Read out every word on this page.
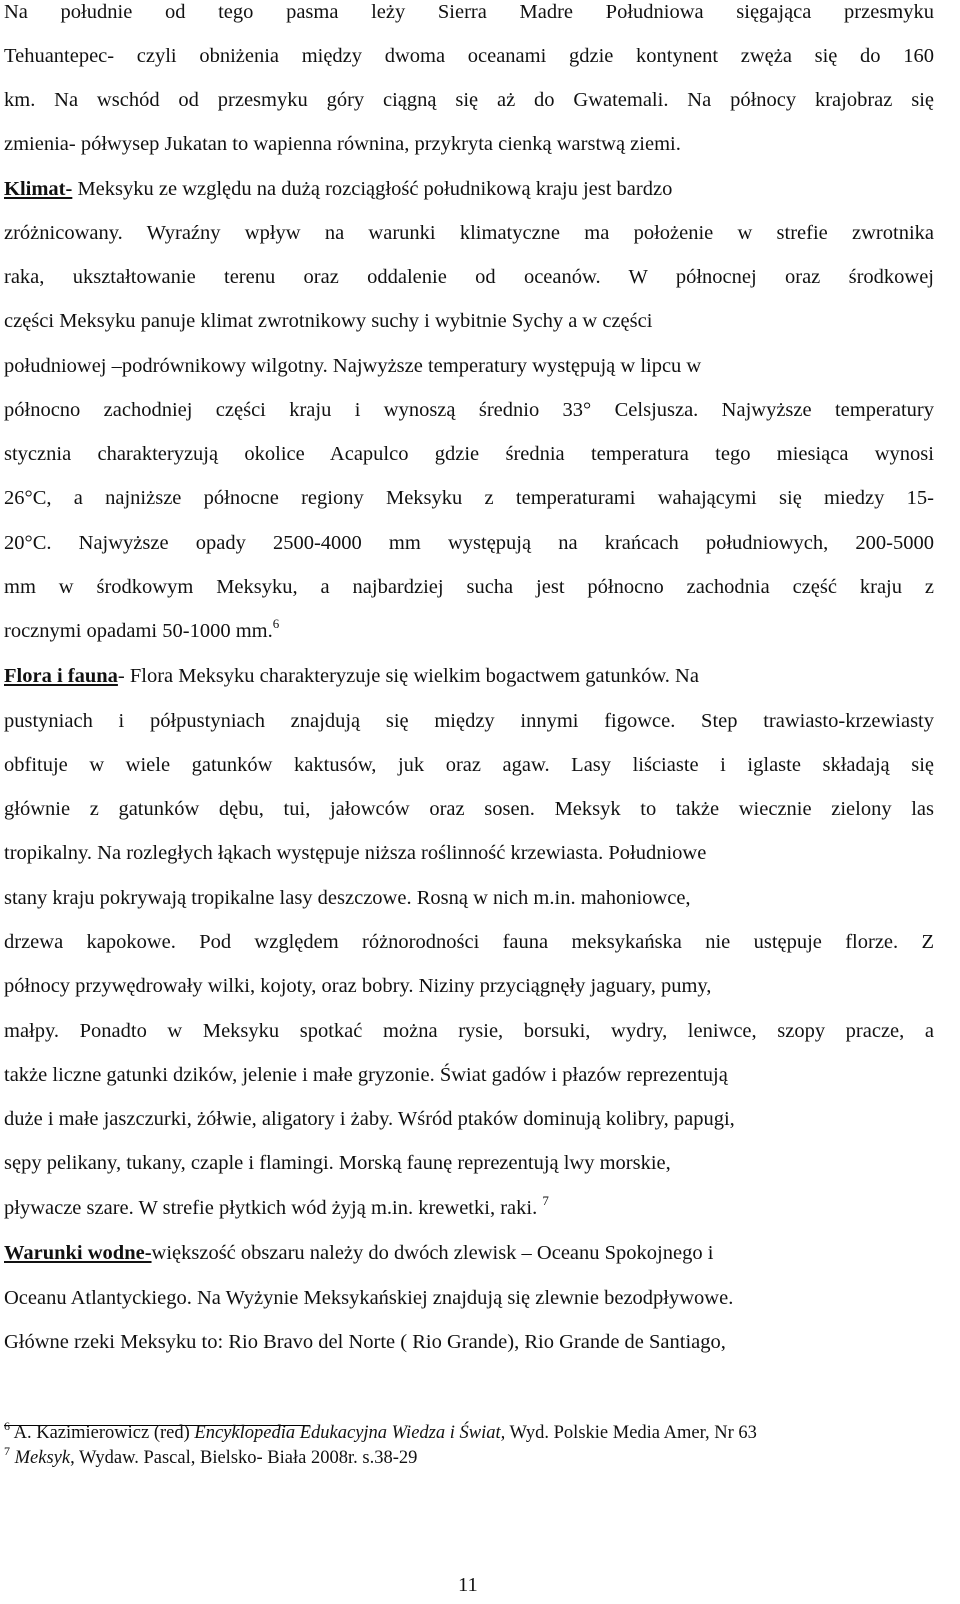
Na południe od tego pasma leży Sierra Madre Południowa sięgająca przesmyku

Tehuantepec- czyli obniżenia między dwoma oceanami gdzie kontynent zwęża się do 160

km. Na wschód od przesmyku góry ciągną się aż do Gwatemali. Na północy krajobraz się

zmienia- półwysep Jukatan to wapienna równina, przykryta cienką warstwą ziemi.

Klimat- Meksyku ze względu na dużą rozciągłość południkową kraju jest bardzo

zróżnicowany. Wyraźny wpływ na warunki klimatyczne ma położenie w strefie zwrotnika

raka, ukształtowanie terenu oraz oddalenie od oceanów. W północnej oraz środkowej

części Meksyku panuje klimat zwrotnikowy suchy i wybitnie Sychy a w części

południowej –podrównikowy wilgotny. Najwyższe temperatury występują w lipcu w

północno zachodniej części kraju i wynoszą średnio 33° Celsjusza. Najwyższe temperatury

stycznia charakteryzują okolice Acapulco gdzie średnia temperatura tego miesiąca wynosi

26°C, a najniższe północne regiony Meksyku z temperaturami wahającymi się miedzy 15-

20°C. Najwyższe opady 2500-4000 mm występują na krańcach południowych, 200-5000

mm w środkowym Meksyku, a najbardziej sucha jest północno zachodnia część kraju z

rocznymi opadami 50-1000 mm.$^6$

Flora i fauna- Flora Meksyku charakteryzuje się wielkim bogactwem gatunków. Na

pustyniach i półpustyniach znajdują się między innymi figowce. Step trawiasto-krzewiasty

obfituje w wiele gatunków kaktusów, juk oraz agaw. Lasy liściaste i iglaste składają się

głównie z gatunków dębu, tui, jałowców oraz sosen. Meksyk to także wiecznie zielony las

tropikalny. Na rozległych łąkach występuje niższa roślinność krzewiasta. Południowe

stany kraju pokrywają tropikalne lasy deszczowe. Rosną w nich m.in. mahoniowce,

drzewa kapokowe. Pod względem różnorodności fauna meksykańska nie ustępuje florze. Z

północy przywędrowały wilki, kojoty, oraz bobry. Niziny przyciągnęły jaguary, pumy,

małpy. Ponadto w Meksyku spotkać można rysie, borsuki, wydry, leniwce, szopy pracze, a

także liczne gatunki dzików, jelenie i małe gryzonie. Świat gadów i płazów reprezentują

duże i małe jaszczurki, żółwie, aligatory i żaby. Wśród ptaków dominują kolibry, papugi,

sępy pelikany, tukany, czaple i flamingi. Morską faunę reprezentują lwy morskie,

pływacze szare. W strefie płytkich wód żyją m.in. krewetki, raki. $^7$

Warunki wodne-większość obszaru należy do dwóch zlewisk – Oceanu Spokojnego i

Oceanu Atlantyckiego. Na Wyżynie Meksykańskiej znajdują się zlewnie bezodpływowe.

Główne rzeki Meksyku to: Rio Bravo del Norte ( Rio Grande), Rio Grande de Santiago,

$^6$ A. Kazimierowicz (red) Encyklopedia Edukacyjna Wiedza i Świat, Wyd. Polskie Media Amer, Nr 63

$^7$ Meksyk, Wydaw. Pascal, Bielsko- Biała 2008r. s.38-29

11
